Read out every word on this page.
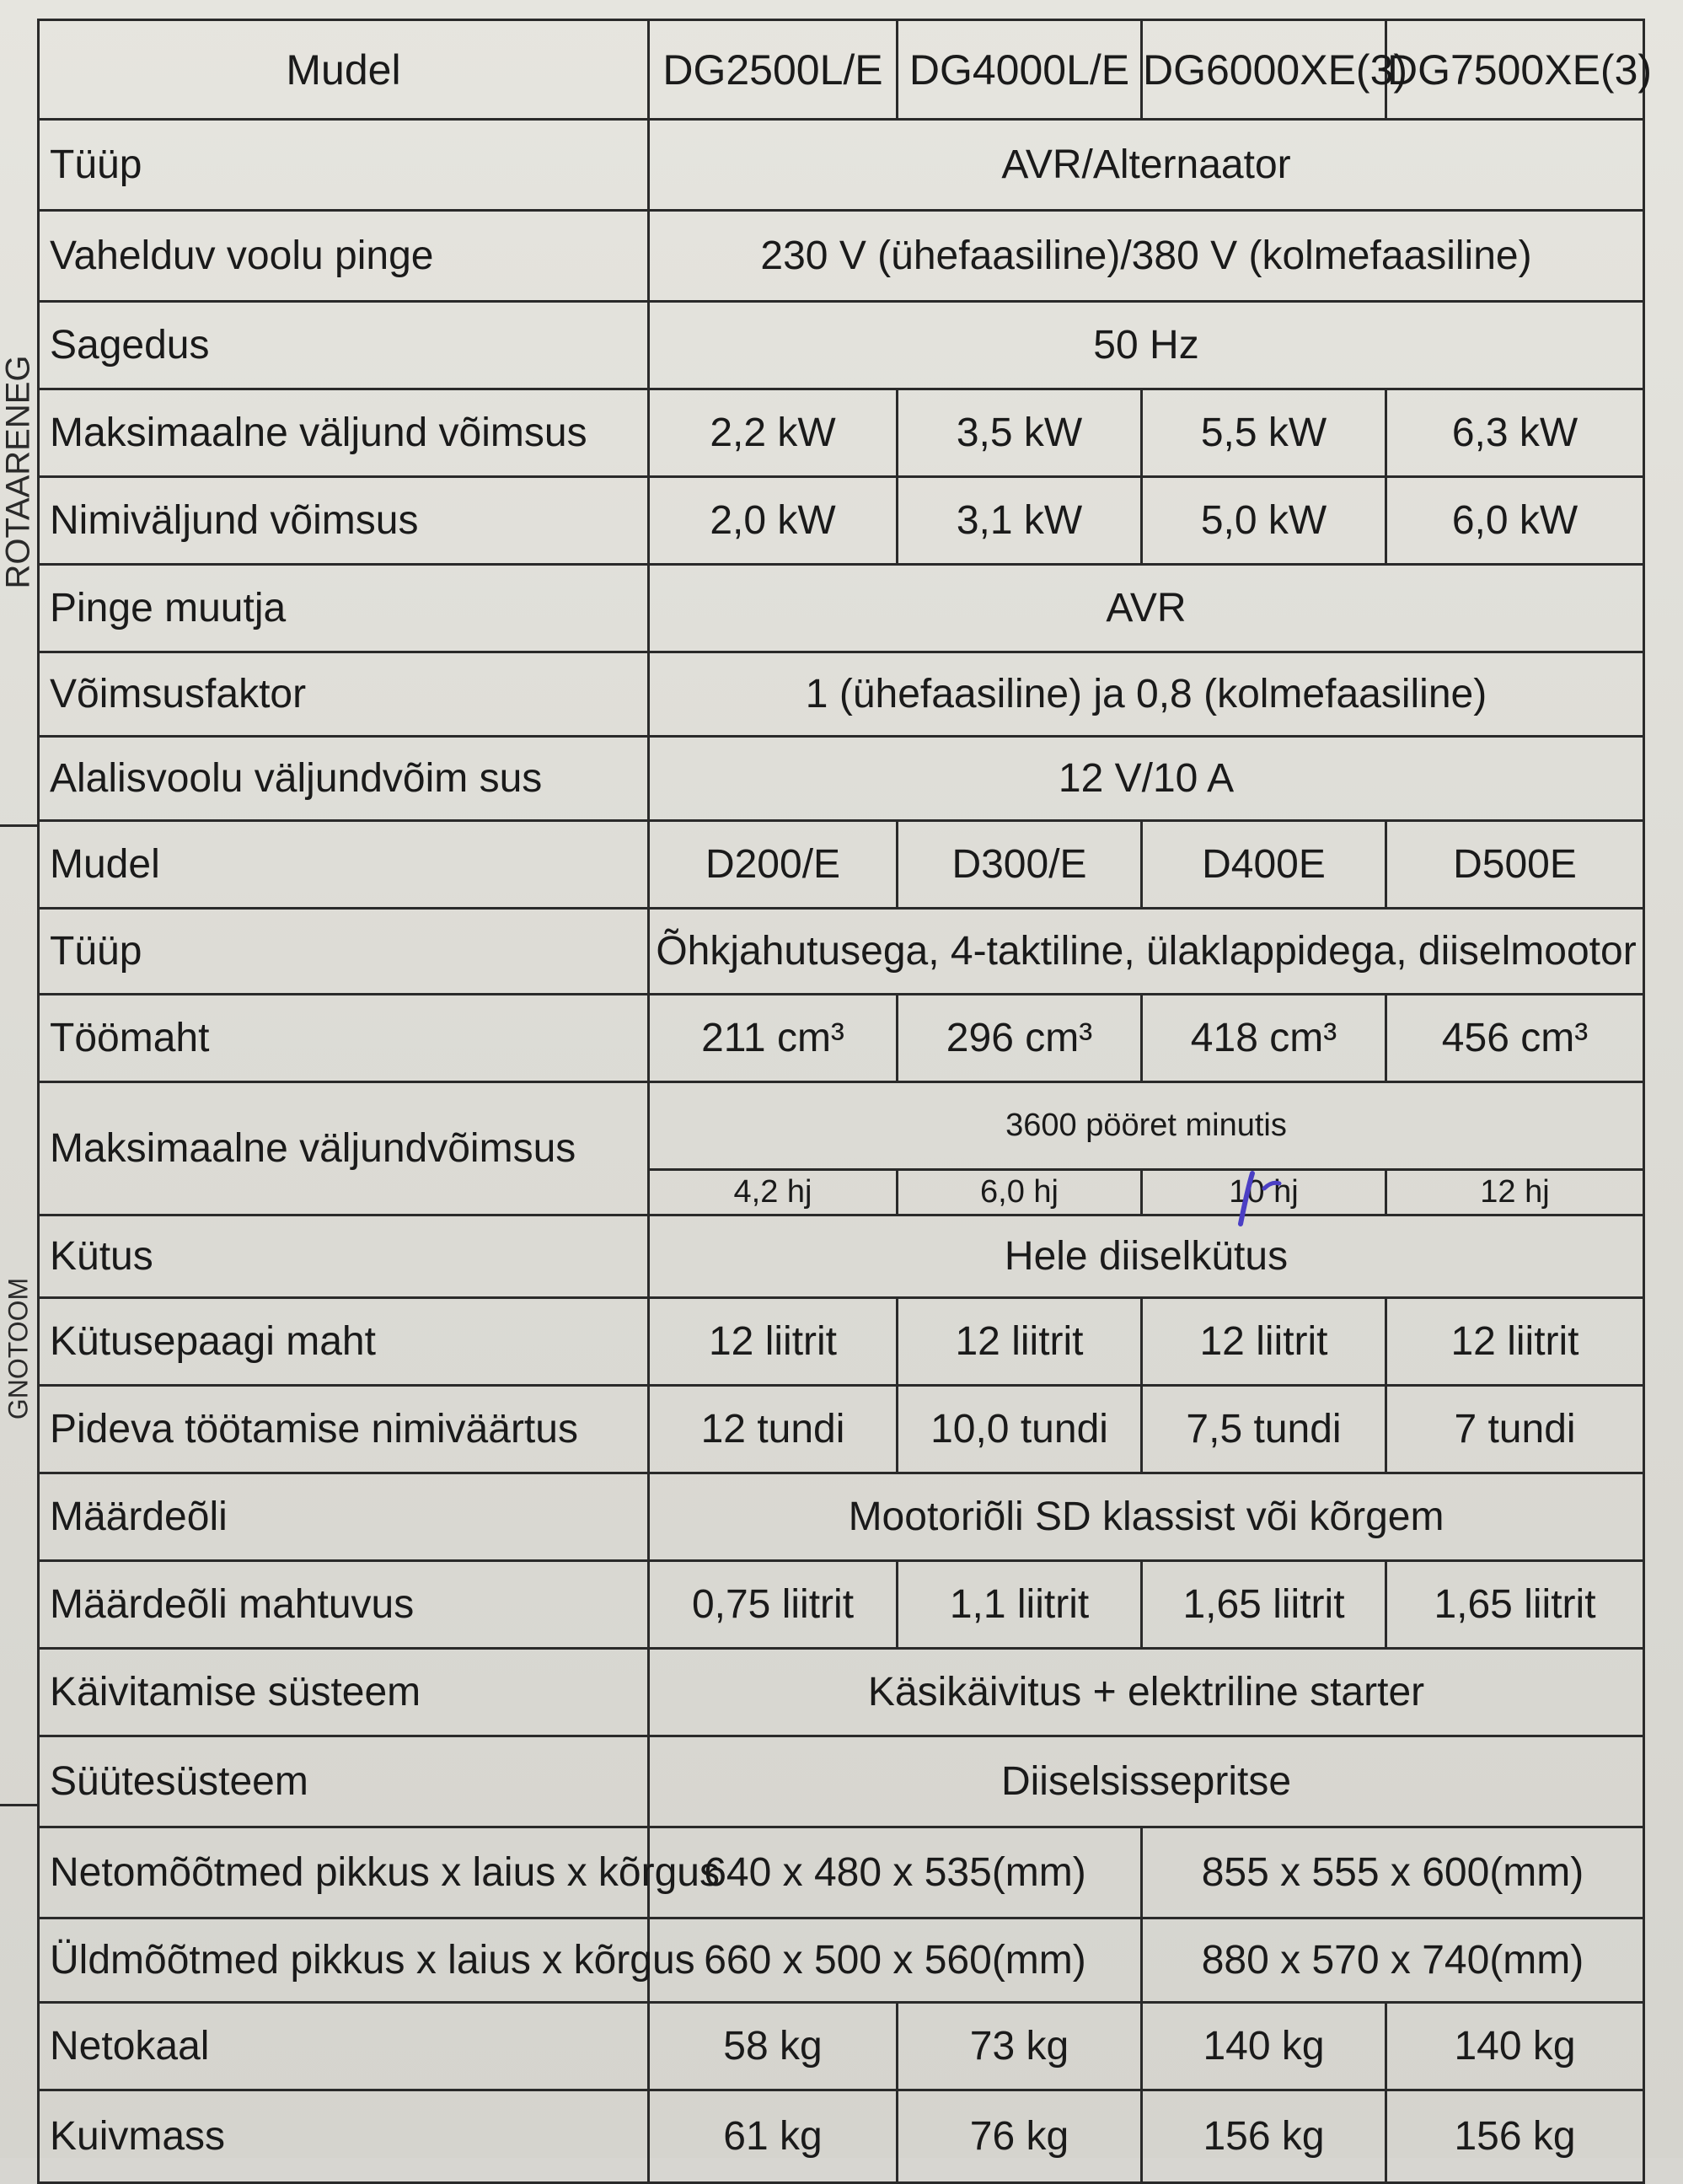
ROTAARENEG
GNOTOOM
Mudel	DG2500L/E	DG4000L/E	DG6000XE(3)	DG7500XE(3)
Tüüp	AVR/Alternaator			
Vahelduv voolu pinge	230 V (ühefaasiline)/380 V (kolmefaasiline)			
Sagedus	50 Hz			
Maksimaalne väljund võimsus	2,2 kW	3,5 kW	5,5 kW	6,3 kW
Nimiväljund võimsus	2,0 kW	3,1 kW	5,0 kW	6,0 kW
Pinge muutja	AVR			
Võimsusfaktor	1 (ühefaasiline) ja 0,8 (kolmefaasiline)			
Alalisvoolu väljundvõim sus	12 V/10 A			
Mudel	D200/E	D300/E	D400E	D500E
Tüüp	Õhkjahutusega, 4-taktiline, ülaklappidega, diiselmootor			
Töömaht	211 cm³	296 cm³	418 cm³	456 cm³
Maksimaalne väljundvõimsus	3600 pööret minutis			
	4,2 hj	6,0 hj	10 hj	12 hj
Kütus	Hele diiselkütus			
Kütusepaagi maht	12 liitrit	12 liitrit	12 liitrit	12 liitrit
Pideva töötamise nimiväärtus	12 tundi	10,0 tundi	7,5 tundi	7 tundi
Määrdeõli	Mootoriõli SD klassist või kõrgem			
Määrdeõli mahtuvus	0,75 liitrit	1,1 liitrit	1,65 liitrit	1,65 liitrit
Käivitamise süsteem	Käsikäivitus + elektriline starter			
Süütesüsteem	Diiselsissepritse			
Netomõõtmed pikkus x laius x kõrgus	640 x 480 x 535(mm)		855 x 555 x 600(mm)	
Üldmõõtmed pikkus x laius x kõrgus	660 x 500 x 560(mm)		880 x 570 x 740(mm)	
Netokaal	58 kg	73 kg	140 kg	140 kg
Kuivmass	61 kg	76 kg	156 kg	156 kg
